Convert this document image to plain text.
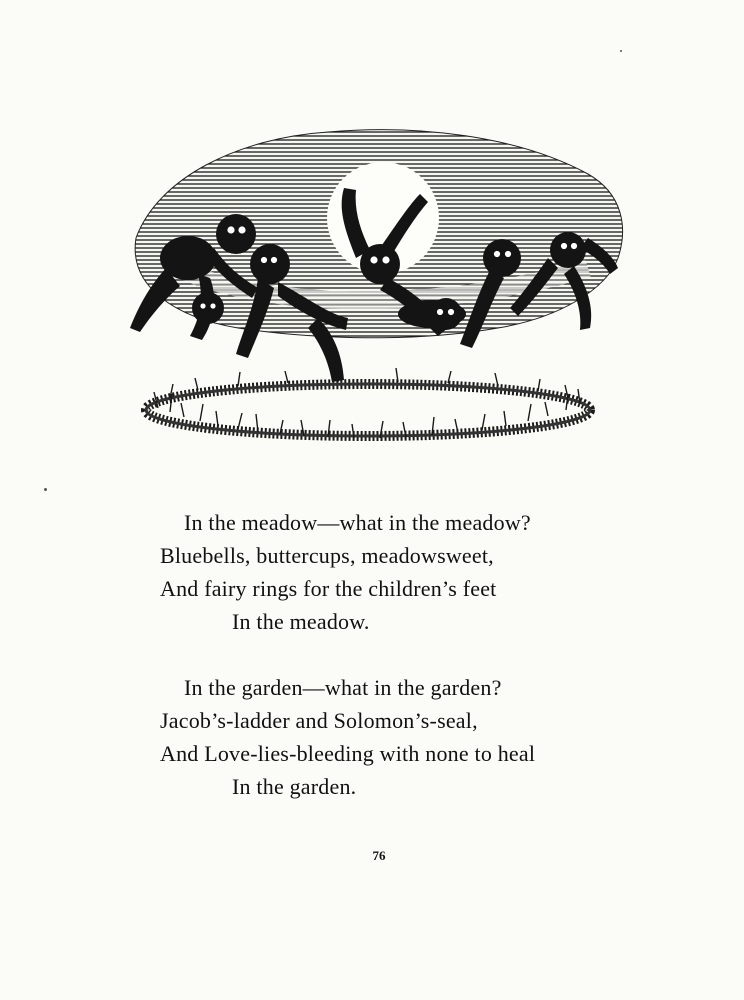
In the meadow—what in the meadow?
Bluebells, buttercups, meadowsweet,
And fairy rings for the children’s feet
In the meadow.
In the garden—what in the garden?
Jacob’s-ladder and Solomon’s-seal,
And Love-lies-bleeding with none to heal
In the garden.
76
